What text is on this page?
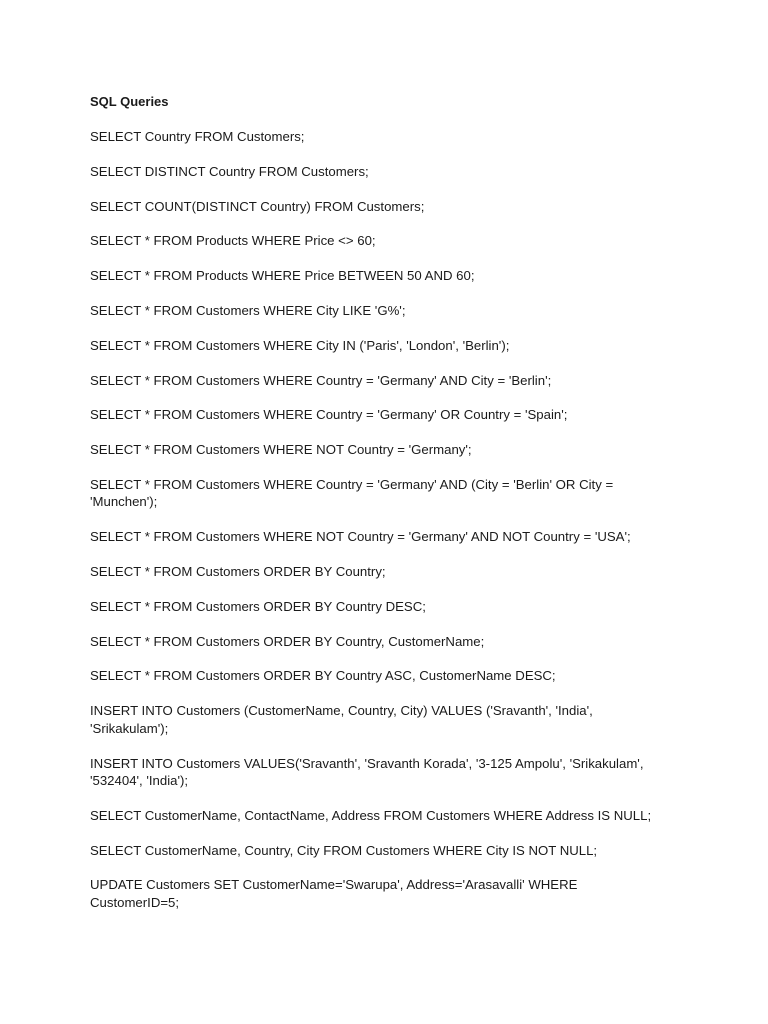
SQL Queries
SELECT Country FROM Customers;
SELECT DISTINCT Country FROM Customers;
SELECT COUNT(DISTINCT Country) FROM Customers;
SELECT * FROM Products WHERE Price <> 60;
SELECT * FROM Products WHERE Price BETWEEN 50 AND 60;
SELECT * FROM Customers WHERE City LIKE 'G%';
SELECT * FROM Customers WHERE City IN ('Paris', 'London', 'Berlin');
SELECT * FROM Customers WHERE Country = 'Germany' AND City = 'Berlin';
SELECT * FROM Customers WHERE Country = 'Germany' OR Country = 'Spain';
SELECT * FROM Customers WHERE NOT Country = 'Germany';
SELECT * FROM Customers WHERE Country = 'Germany' AND (City = 'Berlin' OR City = 'Munchen');
SELECT * FROM Customers WHERE NOT Country = 'Germany' AND NOT Country = 'USA';
SELECT * FROM Customers ORDER BY Country;
SELECT * FROM Customers ORDER BY Country DESC;
SELECT * FROM Customers ORDER BY Country, CustomerName;
SELECT * FROM Customers ORDER BY Country ASC, CustomerName DESC;
INSERT INTO Customers (CustomerName, Country, City) VALUES ('Sravanth', 'India', 'Srikakulam');
INSERT INTO Customers VALUES('Sravanth', 'Sravanth Korada', '3-125 Ampolu', 'Srikakulam', '532404', 'India');
SELECT CustomerName, ContactName, Address FROM Customers WHERE Address IS NULL;
SELECT CustomerName, Country, City FROM Customers WHERE City IS NOT NULL;
UPDATE Customers SET CustomerName='Swarupa', Address='Arasavalli' WHERE CustomerID=5;
